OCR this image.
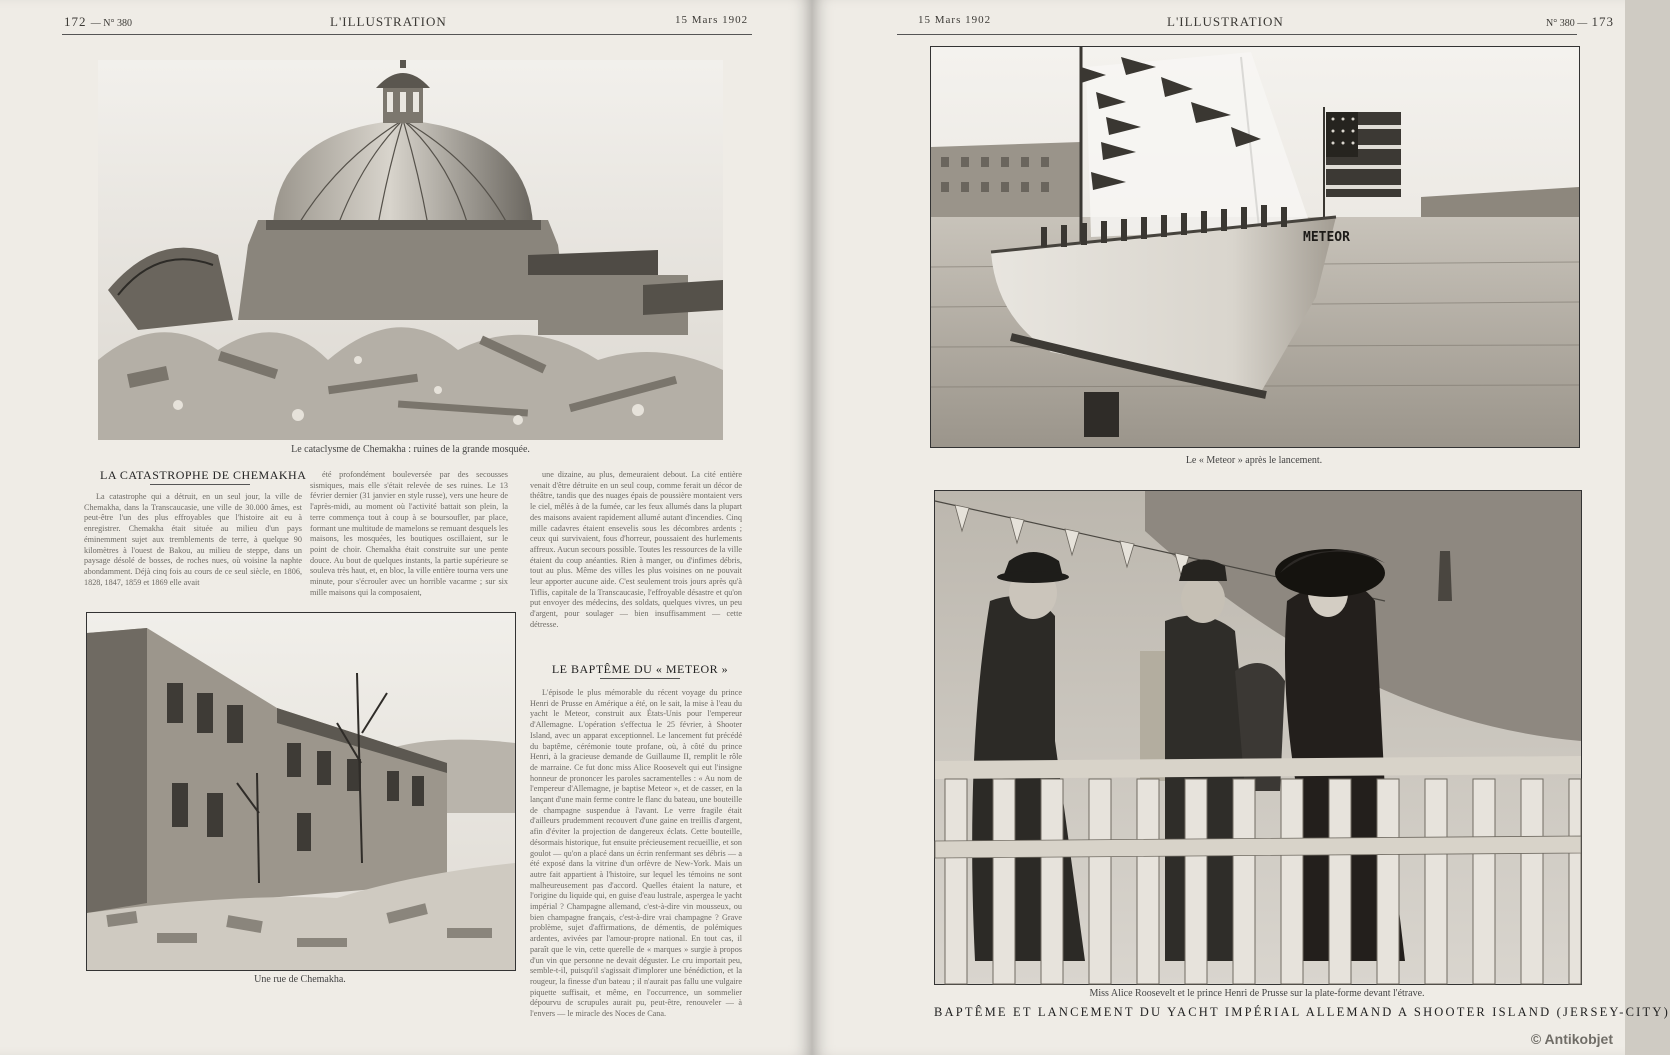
172 — N° 380	L'ILLUSTRATION	15 Mars 1902
Le cataclysme de Chemakha : ruines de la grande mosquée.
LA CATASTROPHE DE CHEMAKHA

La catastrophe qui a détruit, en un seul jour, la ville de Chemakha, dans la Transcaucasie, une ville de 30.000 âmes, est peut-être l'un des plus effroyables que l'histoire ait eu à enregistrer. Chemakha était située au milieu d'un pays éminemment sujet aux tremblements de terre, à quelque 90 kilomètres à l'ouest de Bakou, au milieu de steppe, dans un paysage désolé de bosses, de roches nues, où voisine la naphte abondamment. Déjà cinq fois au cours de ce seul siècle, en 1806, 1828, 1847, 1859 et 1869 elle avait

été profondément bouleversée par des secousses sismiques, mais elle s'était relevée de ses ruines. Le 13 février dernier (31 janvier en style russe), vers une heure de l'après-midi, au moment où l'activité battait son plein, la terre commença tout à coup à se boursoufler, par place, formant une multitude de mamelons se remuant desquels les maisons, les mosquées, les boutiques oscillaient, sur le point de choir. Chemakha était construite sur une pente douce. Au bout de quelques instants, la partie supérieure se souleva très haut, et, en bloc, la ville entière tourna vers une minute, pour s'écrouler avec un horrible vacarme ; sur six mille maisons qui la composaient,

une dizaine, au plus, demeuraient debout. La cité entière venait d'être détruite en un seul coup, comme ferait un décor de théâtre, tandis que des nuages épais de poussière montaient vers le ciel, mêlés à de la fumée, car les feux allumés dans la plupart des maisons avaient rapidement allumé autant d'incendies. Cinq mille cadavres étaient ensevelis sous les décombres ardents ; ceux qui survivaient, fous d'horreur, poussaient des hurlements affreux. Aucun secours possible. Toutes les ressources de la ville étaient du coup anéanties. Rien à manger, ou d'infimes débris, tout au plus. Même des villes les plus voisines on ne pouvait leur apporter aucune aide. C'est seulement trois jours après qu'à Tiflis, capitale de la Transcaucasie, l'effroyable désastre et qu'on put envoyer des médecins, des soldats, quelques vivres, un peu d'argent, pour soulager — bien insuffisamment — cette détresse.

Une rue de Chemakha.
LE BAPTÊME DU « METEOR »

L'épisode le plus mémorable du récent voyage du prince Henri de Prusse en Amérique a été, on le sait, la mise à l'eau du yacht le Meteor, construit aux États-Unis pour l'empereur d'Allemagne. L'opération s'effectua le 25 février, à Shooter Island, avec un apparat exceptionnel. Le lancement fut précédé du baptême, cérémonie toute profane, où, à côté du prince Henri, à la gracieuse demande de Guillaume II, remplit le rôle de marraine. Ce fut donc miss Alice Roosevelt qui eut l'insigne honneur de prononcer les paroles sacramentelles : « Au nom de l'empereur d'Allemagne, je baptise Meteor », et de casser, en la lançant d'une main ferme contre le flanc du bateau, une bouteille de champagne suspendue à l'avant. Le verre fragile était d'ailleurs prudemment recouvert d'une gaine en treillis d'argent, afin d'éviter la projection de dangereux éclats. Cette bouteille, désormais historique, fut ensuite précieusement recueillie, et son goulot — qu'on a placé dans un écrin renfermant ses débris — a été exposé dans la vitrine d'un orfèvre de New-York. Mais un autre fait appartient à l'histoire, sur lequel les témoins ne sont malheureusement pas d'accord. Quelles étaient la nature, et l'origine du liquide qui, en guise d'eau lustrale, aspergea le yacht impérial ? Champagne allemand, c'est-à-dire vin mousseux, ou bien champagne français, c'est-à-dire vrai champagne ? Grave problème, sujet d'affirmations, de démentis, de polémiques ardentes, avivées par l'amour-propre national. En tout cas, il paraît que le vin, cette querelle de « marques » surgie à propos d'un vin que personne ne devait déguster. Le cru importait peu, semble-t-il, puisqu'il s'agissait d'implorer une bénédiction, et la rougeur, la finesse d'un bateau ; il n'aurait pas fallu une vulgaire piquette suffisait, et même, en l'occurrence, un sommelier dépourvu de scrupules aurait pu, peut-être, renouveler — à l'envers — le miracle des Noces de Cana.

15 Mars 1902	L'ILLUSTRATION	N° 380 — 173
METEOR
Le « Meteor » après le lancement.
Miss Alice Roosevelt et le prince Henri de Prusse sur la plate-forme devant l'étrave.
BAPTÊME ET LANCEMENT DU YACHT IMPÉRIAL ALLEMAND A SHOOTER ISLAND (JERSEY-CITY)
© Antikobjet
